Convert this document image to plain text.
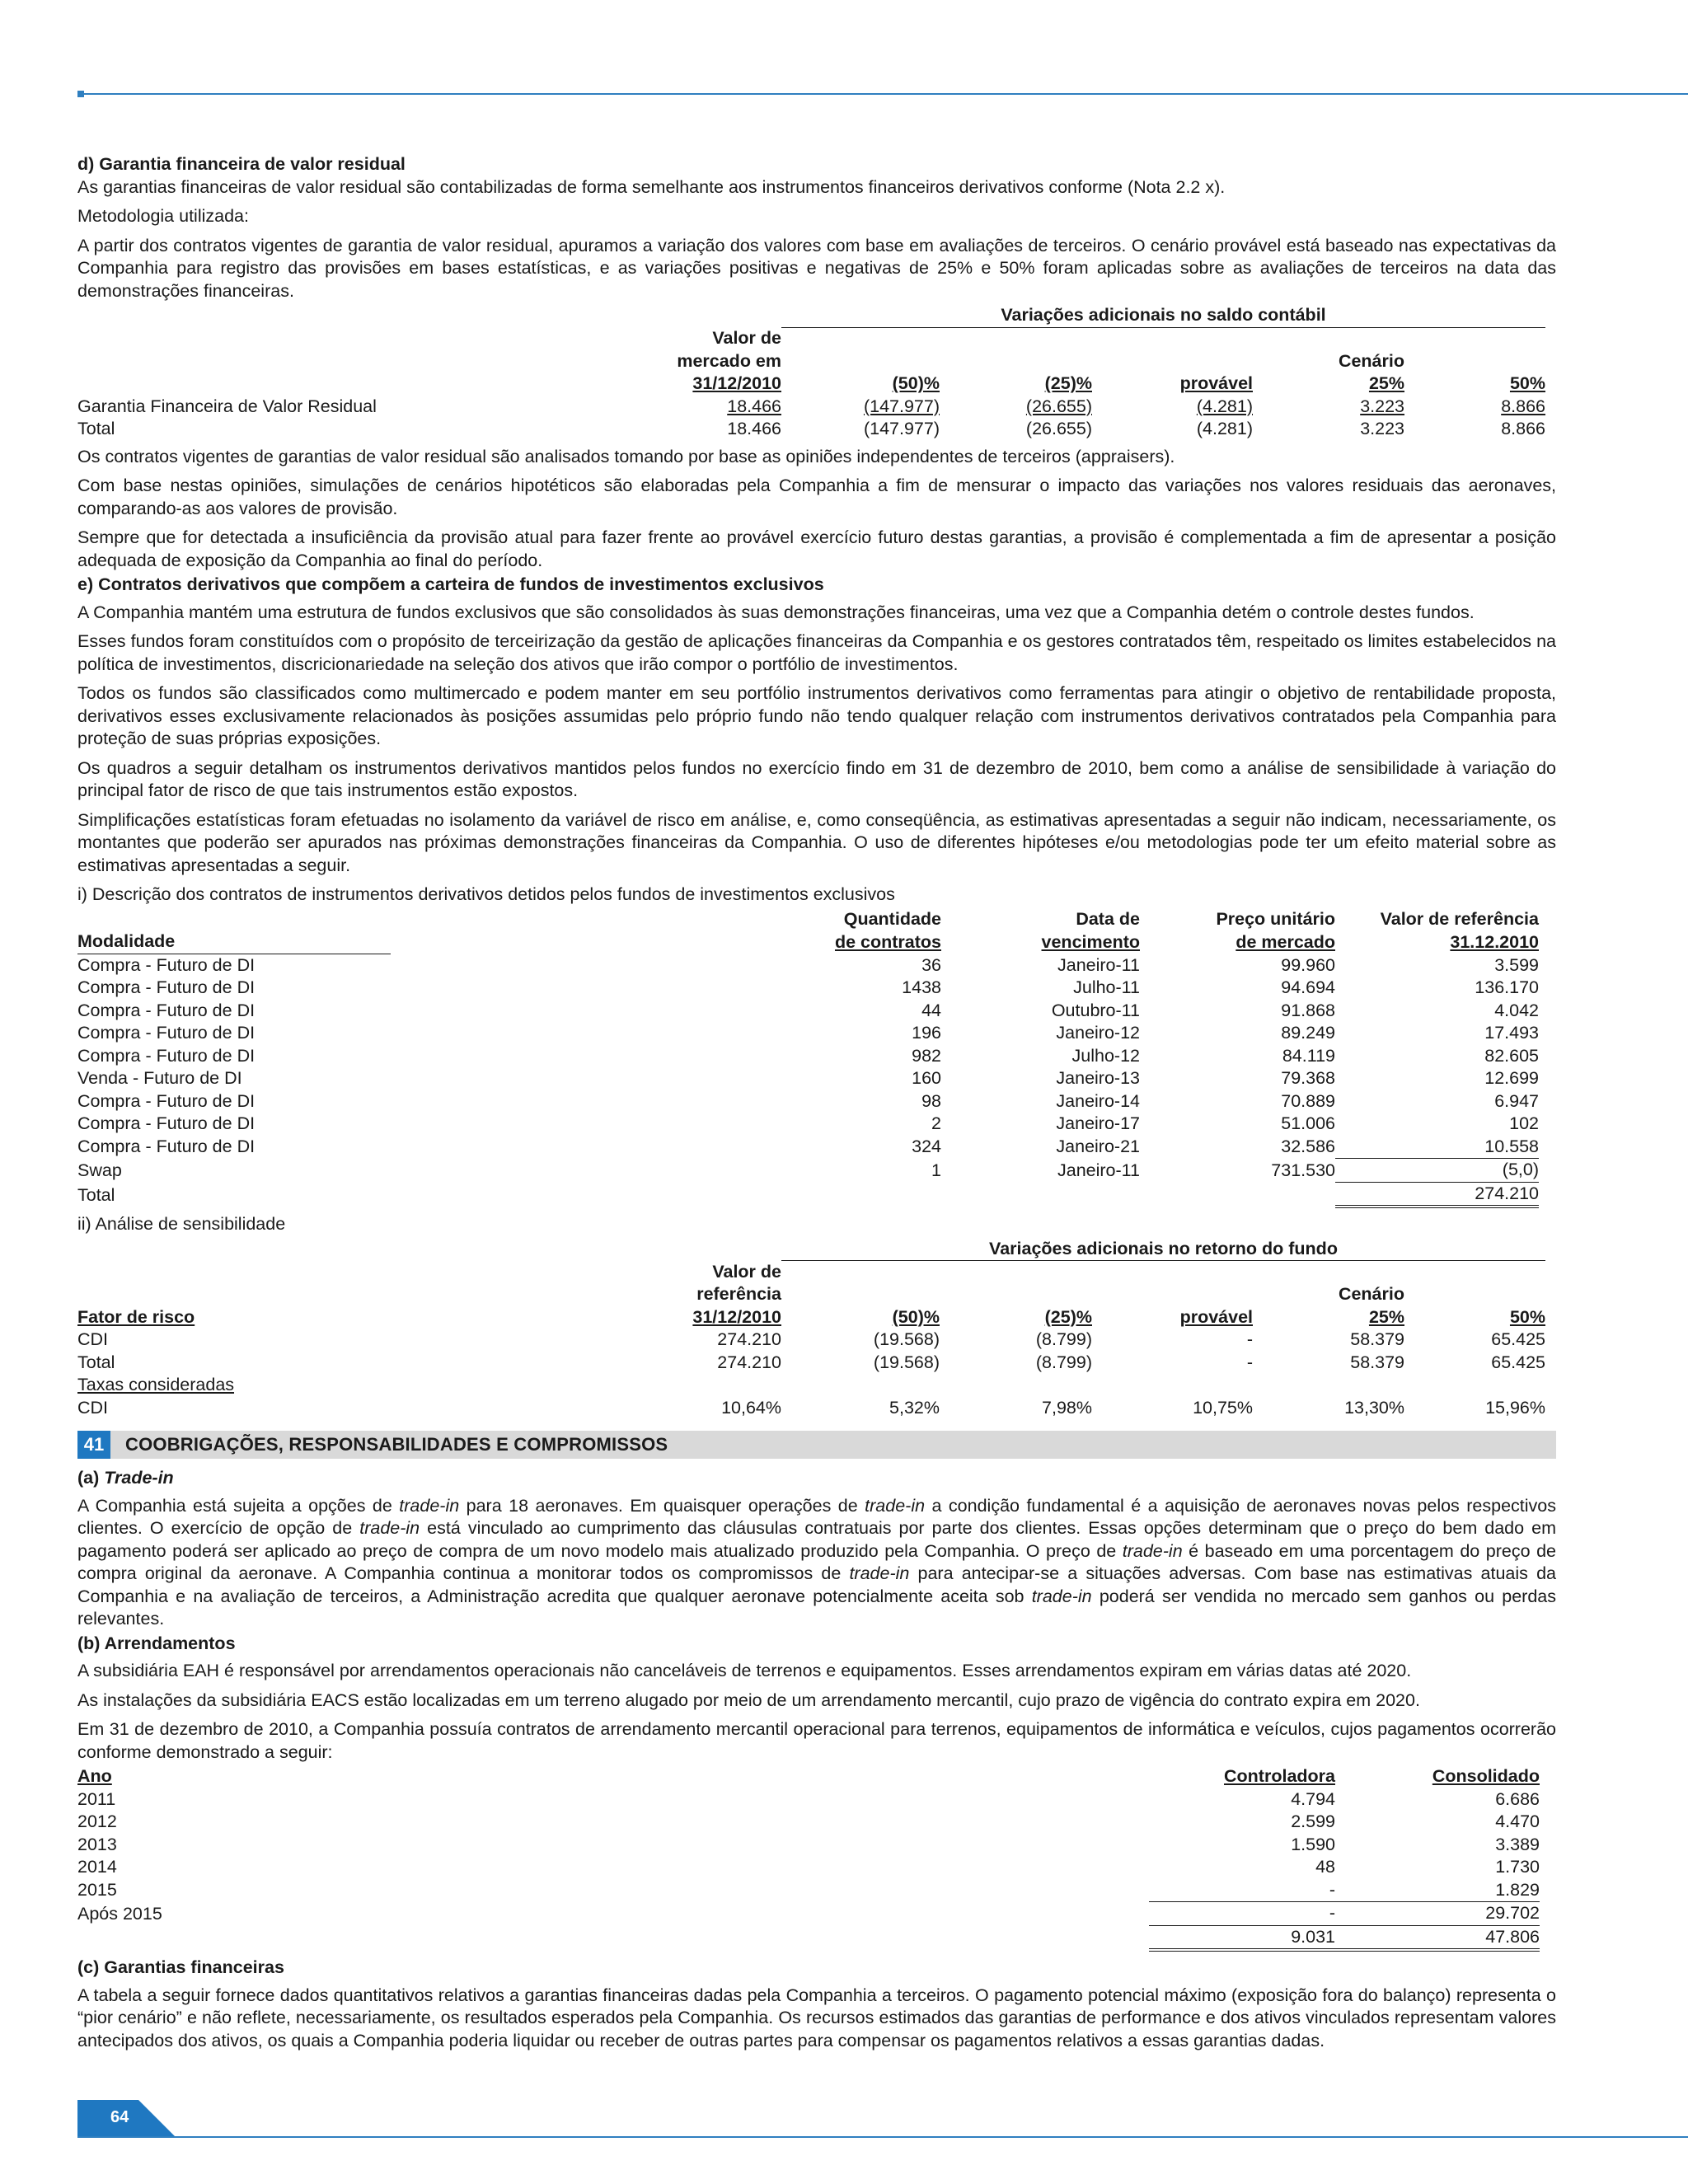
d) Garantia financeira de valor residual

As garantias financeiras de valor residual são contabilizadas de forma semelhante aos instrumentos financeiros derivativos conforme (Nota 2.2 x).

Metodologia utilizada:

A partir dos contratos vigentes de garantia de valor residual, apuramos a variação dos valores com base em avaliações de terceiros. O cenário provável está baseado nas expectativas da Companhia para registro das provisões em bases estatísticas, e as variações positivas e negativas de 25% e 50% foram aplicadas sobre as avaliações de terceiros na data das demonstrações financeiras.

		Variações adicionais no saldo contábil					
	Valor de						
	mercado em				Cenário		
	31/12/2010	(50)%	(25)%	provável	25%	50%	
Garantia Financeira de Valor Residual	18.466	(147.977)	(26.655)	(4.281)	3.223	8.866	
Total	18.466	(147.977)	(26.655)	(4.281)	3.223	8.866	

Os contratos vigentes de garantias de valor residual são analisados tomando por base as opiniões independentes de terceiros (appraisers).

Com base nestas opiniões, simulações de cenários hipotéticos são elaboradas pela Companhia a fim de mensurar o impacto das variações nos valores residuais das aeronaves, comparando-as aos valores de provisão.

Sempre que for detectada a insuficiência da provisão atual para fazer frente ao provável exercício futuro destas garantias, a provisão é complementada a fim de apresentar a posição adequada de exposição da Companhia ao final do período.

e) Contratos derivativos que compõem a carteira de fundos de investimentos exclusivos

A Companhia mantém uma estrutura de fundos exclusivos que são consolidados às suas demonstrações financeiras, uma vez que a Companhia detém o controle destes fundos.

Esses fundos foram constituídos com o propósito de terceirização da gestão de aplicações financeiras da Companhia e os gestores contratados têm, respeitado os limites estabelecidos na política de investimentos, discricionariedade na seleção dos ativos que irão compor o portfólio de investimentos.

Todos os fundos são classificados como multimercado e podem manter em seu portfólio instrumentos derivativos como ferramentas para atingir o objetivo de rentabilidade proposta, derivativos esses exclusivamente relacionados às posições assumidas pelo próprio fundo não tendo qualquer relação com instrumentos derivativos contratados pela Companhia para proteção de suas próprias exposições.

Os quadros a seguir detalham os instrumentos derivativos mantidos pelos fundos no exercício findo em 31 de dezembro de 2010, bem como a análise de sensibilidade à variação do principal fator de risco de que tais instrumentos estão expostos.

Simplificações estatísticas foram efetuadas no isolamento da variável de risco em análise, e, como conseqüência, as estimativas apresentadas a seguir não indicam, necessariamente, os montantes que poderão ser apurados nas próximas demonstrações financeiras da Companhia. O uso de diferentes hipóteses e/ou metodologias pode ter um efeito material sobre as estimativas apresentadas a seguir.

i) Descrição dos contratos de instrumentos derivativos detidos pelos fundos de investimentos exclusivos

	Quantidade	Data de	Preço unitário	Valor de referência	
Modalidade	de contratos	vencimento	de mercado	31.12.2010	
Compra - Futuro de DI	36	Janeiro-11	99.960	3.599	
Compra - Futuro de DI	1438	Julho-11	94.694	136.170	
Compra - Futuro de DI	44	Outubro-11	91.868	4.042	
Compra - Futuro de DI	196	Janeiro-12	89.249	17.493	
Compra - Futuro de DI	982	Julho-12	84.119	82.605	
Venda - Futuro de DI	160	Janeiro-13	79.368	12.699	
Compra - Futuro de DI	98	Janeiro-14	70.889	6.947	
Compra - Futuro de DI	2	Janeiro-17	51.006	102	
Compra - Futuro de DI	324	Janeiro-21	32.586	10.558	
Swap	1	Janeiro-11	731.530	(5,0)	
Total				274.210	

ii) Análise de sensibilidade

		Variações adicionais no retorno do fundo					
	Valor de						
	referência				Cenário		
Fator de risco	31/12/2010	(50)%	(25)%	provável	25%	50%	
CDI	274.210	(19.568)	(8.799)	-	58.379	65.425	
Total	274.210	(19.568)	(8.799)	-	58.379	65.425	
Taxas consideradas							
CDI	10,64%	5,32%	7,98%	10,75%	13,30%	15,96%	
41	COOBRIGAÇÕES, RESPONSABILIDADES E COMPROMISSOS

(a) Trade-in

A Companhia está sujeita a opções de trade-in para 18 aeronaves. Em quaisquer operações de trade-in a condição fundamental é a aquisição de aeronaves novas pelos respectivos clientes. O exercício de opção de trade-in está vinculado ao cumprimento das cláusulas contratuais por parte dos clientes. Essas opções determinam que o preço do bem dado em pagamento poderá ser aplicado ao preço de compra de um novo modelo mais atualizado produzido pela Companhia. O preço de trade-in é baseado em uma porcentagem do preço de compra original da aeronave. A Companhia continua a monitorar todos os compromissos de trade-in para antecipar-se a situações adversas. Com base nas estimativas atuais da Companhia e na avaliação de terceiros, a Administração acredita que qualquer aeronave potencialmente aceita sob trade-in poderá ser vendida no mercado sem ganhos ou perdas relevantes.

(b) Arrendamentos

A subsidiária EAH é responsável por arrendamentos operacionais não canceláveis de terrenos e equipamentos. Esses arrendamentos expiram em várias datas até 2020.

As instalações da subsidiária EACS estão localizadas em um terreno alugado por meio de um arrendamento mercantil, cujo prazo de vigência do contrato expira em 2020.

Em 31 de dezembro de 2010, a Companhia possuía contratos de arrendamento mercantil operacional para terrenos, equipamentos de informática e veículos, cujos pagamentos ocorrerão conforme demonstrado a seguir:

Ano	Controladora	Consolidado	
2011	4.794	6.686	
2012	2.599	4.470	
2013	1.590	3.389	
2014	48	1.730	
2015	-	1.829	
Após 2015	-	29.702	
	9.031	47.806	

(c) Garantias financeiras

A tabela a seguir fornece dados quantitativos relativos a garantias financeiras dadas pela Companhia a terceiros. O pagamento potencial máximo (exposição fora do balanço) representa o “pior cenário” e não reflete, necessariamente, os resultados esperados pela Companhia. Os recursos estimados das garantias de performance e dos ativos vinculados representam valores antecipados dos ativos, os quais a Companhia poderia liquidar ou receber de outras partes para compensar os pagamentos relativos a essas garantias dadas.

64
